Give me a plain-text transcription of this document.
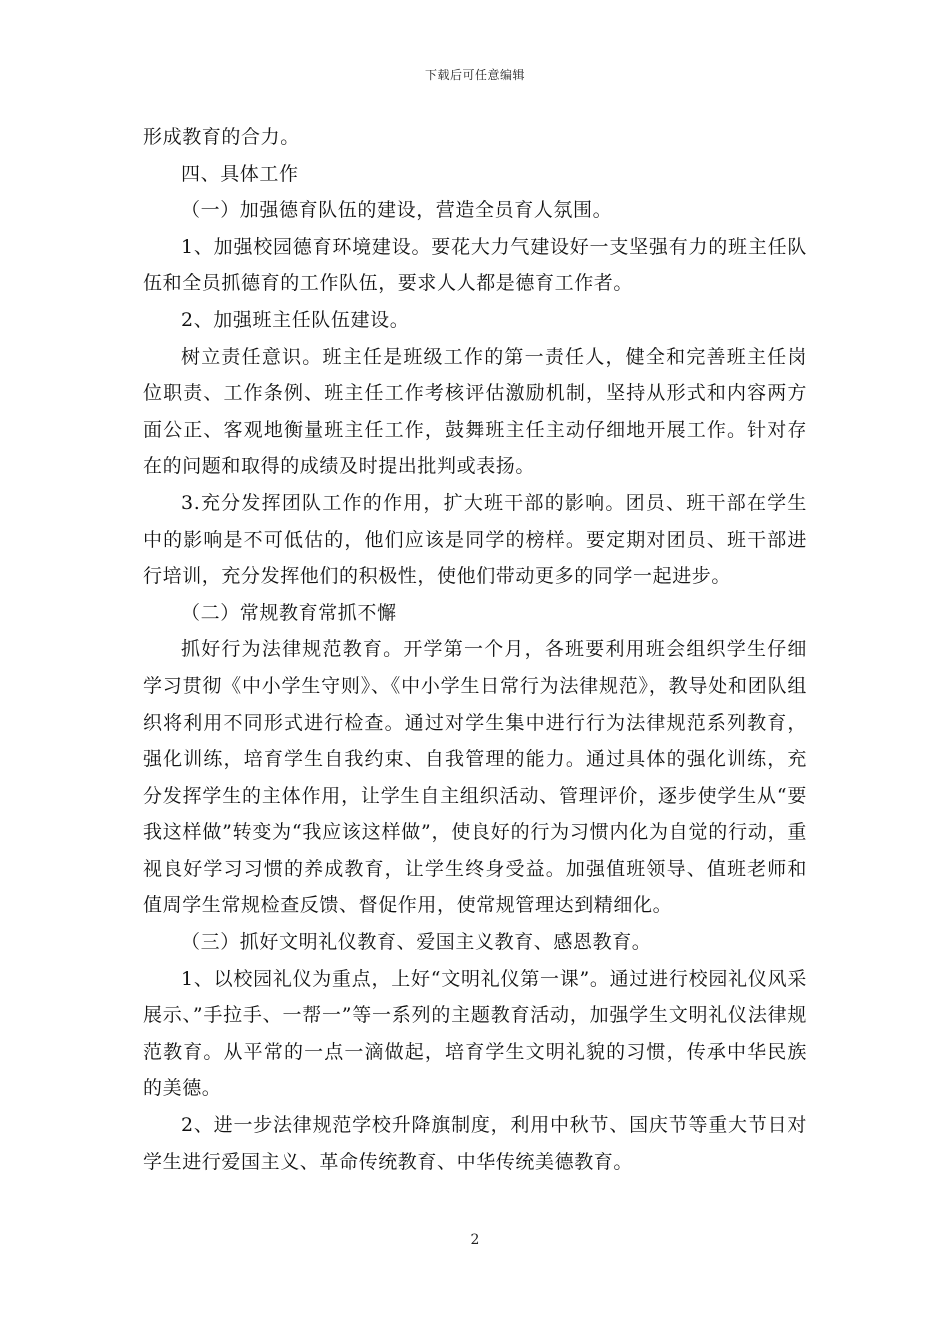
下载后可任意编辑

形成教育的合力。

四、具体工作

（一）加强德育队伍的建设，营造全员育人氛围。

1、加强校园德育环境建设。要花大力气建设好一支坚强有力的班主任队伍和全员抓德育的工作队伍，要求人人都是德育工作者。

2、加强班主任队伍建设。

树立责任意识。班主任是班级工作的第一责任人，健全和完善班主任岗位职责、工作条例、班主任工作考核评估激励机制，坚持从形式和内容两方面公正、客观地衡量班主任工作，鼓舞班主任主动仔细地开展工作。针对存在的问题和取得的成绩及时提出批判或表扬。

3.充分发挥团队工作的作用，扩大班干部的影响。团员、班干部在学生中的影响是不可低估的，他们应该是同学的榜样。要定期对团员、班干部进行培训，充分发挥他们的积极性，使他们带动更多的同学一起进步。

（二）常规教育常抓不懈

抓好行为法律规范教育。开学第一个月，各班要利用班会组织学生仔细学习贯彻《中小学生守则》、《中小学生日常行为法律规范》，教导处和团队组织将利用不同形式进行检查。通过对学生集中进行行为法律规范系列教育，强化训练，培育学生自我约束、自我管理的能力。通过具体的强化训练，充分发挥学生的主体作用，让学生自主组织活动、管理评价，逐步使学生从“要我这样做”转变为“我应该这样做”，使良好的行为习惯内化为自觉的行动，重视良好学习习惯的养成教育，让学生终身受益。加强值班领导、值班老师和值周学生常规检查反馈、督促作用，使常规管理达到精细化。

（三）抓好文明礼仪教育、爱国主义教育、感恩教育。

1、以校园礼仪为重点，上好“文明礼仪第一课”。通过进行校园礼仪风采展示、”手拉手、一帮一”等一系列的主题教育活动，加强学生文明礼仪法律规范教育。从平常的一点一滴做起，培育学生文明礼貌的习惯，传承中华民族的美德。

2、进一步法律规范学校升降旗制度，利用中秋节、国庆节等重大节日对学生进行爱国主义、革命传统教育、中华传统美德教育。

2
